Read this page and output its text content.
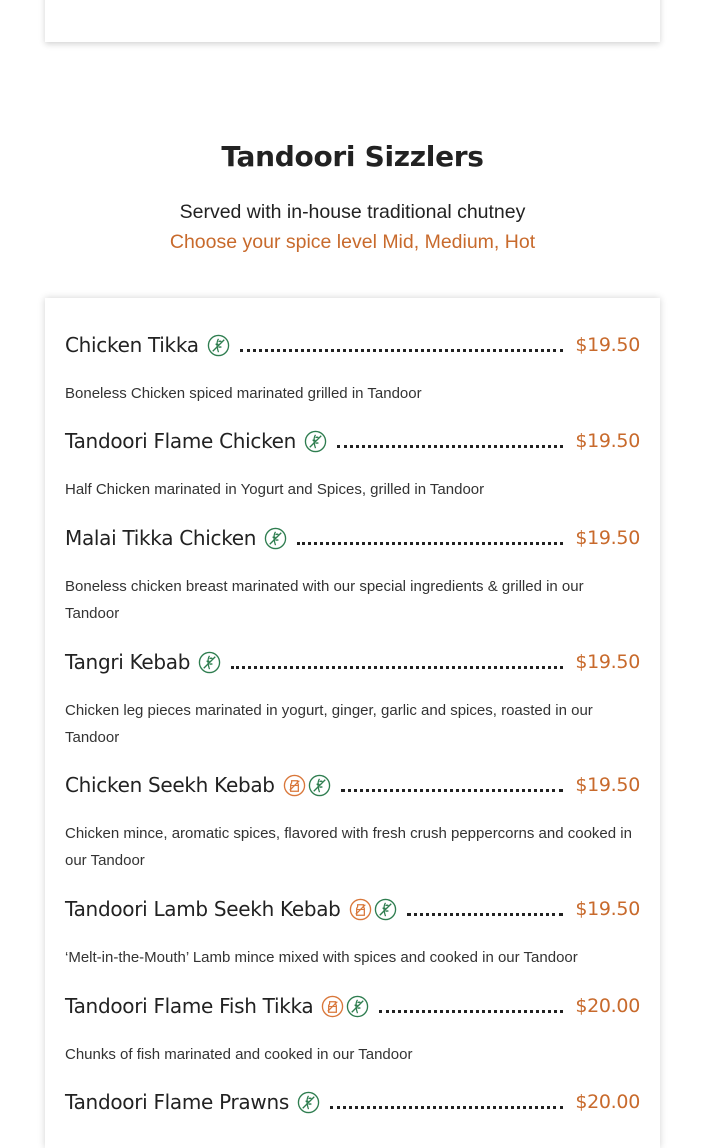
Tandoori Sizzlers
Served with in-house traditional chutney
Choose your spice level Mid, Medium, Hot
Chicken Tikka	$19.50
Boneless Chicken spiced marinated grilled in Tandoor
Tandoori Flame Chicken	$19.50
Half Chicken marinated in Yogurt and Spices, grilled in Tandoor
Malai Tikka Chicken	$19.50
Boneless chicken breast marinated with our special ingredients & grilled in our Tandoor
Tangri Kebab	$19.50
Chicken leg pieces marinated in yogurt, ginger, garlic and spices, roasted in our Tandoor
Chicken Seekh Kebab	$19.50
Chicken mince, aromatic spices, flavored with fresh crush peppercorns and cooked in our Tandoor
Tandoori Lamb Seekh Kebab	$19.50
‘Melt-in-the-Mouth’ Lamb mince mixed with spices and cooked in our Tandoor
Tandoori Flame Fish Tikka	$20.00
Chunks of fish marinated and cooked in our Tandoor
Tandoori Flame Prawns	$20.00
